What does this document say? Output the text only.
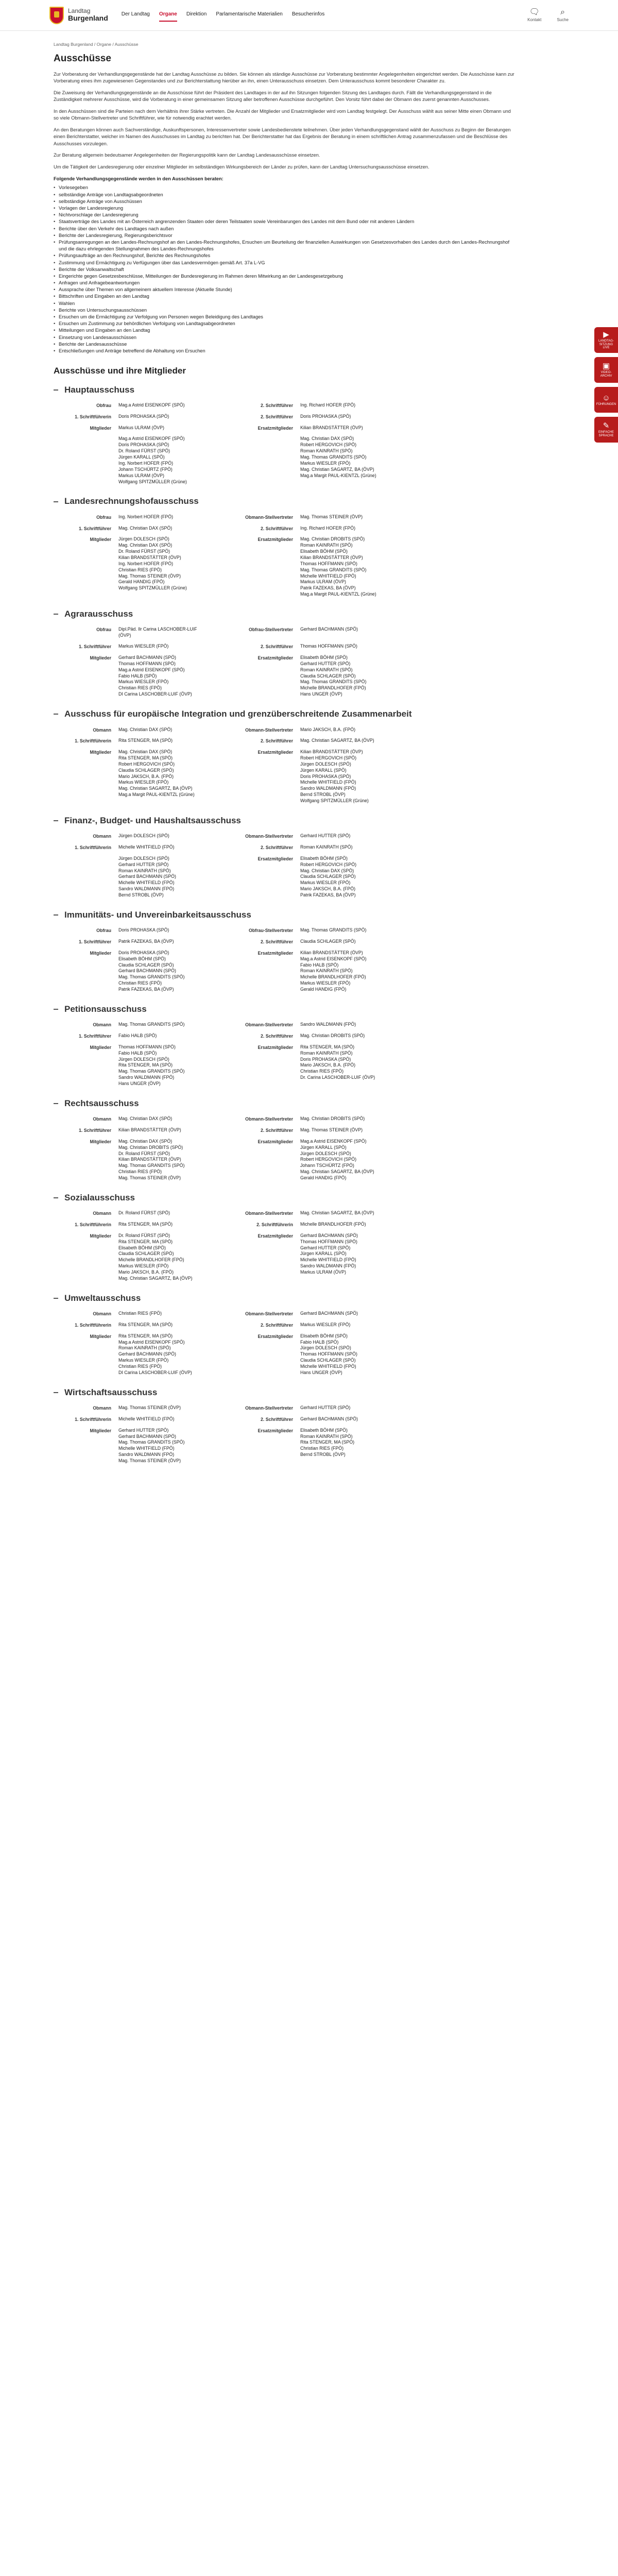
Landtag
Burgenland	Der Landtag Organe Direktion Parlamentarische Materialien Besucherinfos	🗨
Kontakt
⌕
Suche
▶
LANDTAG-SITZUNG LIVE
▣
VIDEO-ARCHIV
☺
FÜHRUNGEN
✎
EINFACHE SPRACHE
Landtag Burgenland / Organe / Ausschüsse
Ausschüsse

Zur Vorberatung der Verhandlungsgegenstände hat der Landtag Ausschüsse zu bilden. Sie können als ständige Ausschüsse zur Vorberatung bestimmter Angelegenheiten eingerichtet werden. Die Ausschüsse kann zur Vorberatung eines ihm zugewiesenen Gegenstandes und zur Berichterstattung hierüber an ihn, einen Unterausschuss einsetzen. Dem Unterausschuss kommt besonderer Charakter zu.

Die Zuweisung der Verhandlungsgegenstände an die Ausschüsse führt der Präsident des Landtages in der auf ihn Sitzungen folgenden Sitzung des Landtages durch. Fällt die Verhandlungsgegenstand in die Zuständigkeit mehrerer Ausschüsse, wird die Vorberatung in einer gemeinsamen Sitzung aller betroffenen Ausschüsse durchgeführt. Den Vorsitz führt dabei der Obmann des zuerst genannten Ausschusses.

In den Ausschüssen sind die Parteien nach dem Verhältnis ihrer Stärke vertreten. Die Anzahl der Mitglieder und Ersatzmitglieder wird vom Landtag festgelegt. Der Ausschuss wählt aus seiner Mitte einen Obmann und so viele Obmann-Stellvertreter und Schriftführer, wie für notwendig erachtet werden.

An den Beratungen können auch Sachverständige, Auskunftspersonen, Interessenvertreter sowie Landesbedienstete teilnehmen. Über jeden Verhandlungsgegenstand wählt der Ausschuss zu Beginn der Beratungen einen Berichterstatter, welcher im Namen des Ausschusses im Landtag zu berichten hat. Der Berichterstatter hat das Ergebnis der Beratung in einem schriftlichen Antrag zusammenzufassen und die Beschlüsse des Ausschusses vorzulegen.

Zur Beratung allgemein bedeutsamer Angelegenheiten der Regierungspolitik kann der Landtag Landesausschüsse einsetzen.

Um die Tätigkeit der Landesregierung oder einzelner Mitglieder im selbständigen Wirkungsbereich der Länder zu prüfen, kann der Landtag Untersuchungsausschüsse einsetzen.

Folgende Verhandlungsgegenstände werden in den Ausschüssen beraten:
• Vorlesegeben
• selbständige Anträge von Landtagsabgeordneten
• selbständige Anträge von Ausschüssen
• Vorlagen der Landesregierung
• Nichtvorschlage der Landesregierung
• Staatsverträge des Landes mit an Österreich angrenzenden Staaten oder deren Teilstaaten sowie Vereinbarungen des Landes mit dem Bund oder mit anderen Ländern
• Berichte über den Verkehr des Landtages nach außen
• Berichte der Landesregierung, Regierungsberichtsvor
• Prüfungsanregungen an den Landes-Rechnungshof an den Landes-Rechnungshofes, Ersuchen um Beurteilung der finanziellen Auswirkungen von Gesetzesvorhaben des Landes durch den Landes-Rechnungshof und die dazu ehrlegenden Stellungnahmen des Landes-Rechnungshofes
• Prüfungsaufträge an den Rechnungshof, Berichte des Rechnungshofes
• Zustimmung und Ermächtigung zu Verfügungen über das Landesvermögen gemäß Art. 37a L-VG
• Berichte der Volksanwaltschaft
• Eingerichte gegen Gesetzesbeschlüsse, Mitteilungen der Bundesregierung im Rahmen deren Mitwirkung an der Landesgesetzgebung
• Anfragen und Anfragebeantwortungen
• Aussprache über Themen von allgemeinem aktuellem Interesse (Aktuelle Stunde)
• Bittschriften und Eingaben an den Landtag
• Wahlen
• Berichte von Untersuchungsausschüssen
• Ersuchen um die Ermächtigung zur Verfolgung von Personen wegen Beleidigung des Landtages
• Ersuchen um Zustimmung zur behördlichen Verfolgung von Landtagsabgeordneten
• Mitteilungen und Eingaben an den Landtag
• Einsetzung von Landesausschüssen
• Berichte der Landesausschüsse
• Entschließungen und Anträge betreffend die Abhaltung von Ersuchen
Ausschüsse und ihre Mitglieder
Hauptausschuss
Obfrau Mag.a Astrid EISENKOPF (SPÖ)	2. Schriftführer Ing. Richard HOFER (FPÖ)
1. Schriftführerin Doris PROHASKA (SPÖ)	2. Schriftführer Doris PROHASKA (SPÖ)
Mitglieder Markus ULRAM (ÖVP)	Ersatzmitglieder Kilian BRANDSTÄTTER (ÖVP)
Mag.a Astrid EISENKOPF (SPÖ)
Doris PROHASKA (SPÖ)
Dr. Roland FÜRST (SPÖ)
Jürgen KARALL (SPÖ)
Ing. Norbert HOFER (FPÖ)
Johann TSCHÜRTZ (FPÖ)
Markus ULRAM (ÖVP)
Wolfgang SPITZMÜLLER (Grüne)
Mag. Christian DAX (SPÖ)
Robert HERGOVICH (SPÖ)
Roman KAINRATH (SPÖ)
Mag. Thomas GRANDITS (SPÖ)
Markus WIESLER (FPÖ)
Mag. Christian SAGARTZ, BA (ÖVP)
Mag.a Margit PAUL-KIENTZL (Grüne)
Landesrechnungshofausschuss
Obfrau Ing. Norbert HOFER (FPÖ)	Obmann-Stellvertreter Mag. Thomas STEINER (ÖVP)
1. Schriftführer Mag. Christian DAX (SPÖ)	2. Schriftführer Ing. Richard HOFER (FPÖ)
Mitglieder Jürgen DOLESCH (SPÖ)
Mag. Christian DAX (SPÖ)
Dr. Roland FÜRST (SPÖ)
Kilian BRANDSTÄTTER (ÖVP)
Ing. Norbert HOFER (FPÖ)
Christian RIES (FPÖ)
Mag. Thomas STEINER (ÖVP)
Gerald HANDIG (FPÖ)
Wolfgang SPITZMÜLLER (Grüne)
Ersatzmitglieder Mag. Christian DROBITS (SPÖ)
Roman KAINRATH (SPÖ)
Elisabeth BÖHM (SPÖ)
Kilian BRANDSTÄTTER (ÖVP)
Thomas HOFFMANN (SPÖ)
Mag. Thomas GRANDITS (SPÖ)
Michelle WHITFIELD (FPÖ)
Markus ULRAM (ÖVP)
Patrik FAZEKAS, BA (ÖVP)
Mag.a Margit PAUL-KIENTZL (Grüne)
Agrarausschuss
Obfrau Dipl.Päd. Ilr Carina LASCHOBER-LUIF (ÖVP)
Obfrau-Stellvertreter Gerhard BACHMANN (SPÖ)
1. Schriftführer Markus WIESLER (FPÖ)	2. Schriftführer Thomas HOFFMANN (SPÖ)
Mitglieder Gerhard BACHMANN (SPÖ)
Thomas HOFFMANN (SPÖ)
Mag.a Astrid EISENKOPF (SPÖ)
Fabio HALB (SPÖ)
Markus WIESLER (FPÖ)
Christian RIES (FPÖ)
DI Carina LASCHOBER-LUIF (ÖVP)
Ersatzmitglieder Elisabeth BÖHM (SPÖ)
Gerhard HUTTER (SPÖ)
Roman KAINRATH (SPÖ)
Claudia SCHLAGER (SPÖ)
Mag. Thomas GRANDITS (SPÖ)
Michelle BRANDLHOFER (FPÖ)
Hans UNGER (ÖVP)
Ausschuss für europäische Integration und grenzüberschreitende Zusammenarbeit
Obmann Mag. Christian DAX (SPÖ)	Obmann-Stellvertreter Mario JAKSCH, B.A. (FPÖ)
1. Schriftführerin Rita STENGER, MA (SPÖ)	2. Schriftführer Mag. Christian SAGARTZ, BA (ÖVP)
Mitglieder Mag. Christian DAX (SPÖ)
Rita STENGER, MA (SPÖ)
Robert HERGOVICH (SPÖ)
Claudia SCHLAGER (SPÖ)
Mario JAKSCH, B.A. (FPÖ)
Markus WIESLER (FPÖ)
Mag. Christian SAGARTZ, BA (ÖVP)
Mag.a Margit PAUL-KIENTZL (Grüne)
Ersatzmitglieder Kilian BRANDSTÄTTER (ÖVP)
Robert HERGOVICH (SPÖ)
Jürgen DOLESCH (SPÖ)
Jürgen KARALL (SPÖ)
Doris PROHASKA (SPÖ)
Michelle WHITFIELD (FPÖ)
Sandro WALDMANN (FPÖ)
Bernd STROBL (ÖVP)
Wolfgang SPITZMÜLLER (Grüne)
Finanz-, Budget- und Haushaltsausschuss
Obmann Jürgen DOLESCH (SPÖ)	Obmann-Stellvertreter Gerhard HUTTER (SPÖ)
1. Schriftführerin Michelle WHITFIELD (FPÖ)	2. Schriftführer Roman KAINRATH (SPÖ)
Jürgen DOLESCH (SPÖ)
Gerhard HUTTER (SPÖ)
Roman KAINRATH (SPÖ)
Gerhard BACHMANN (SPÖ)
Michelle WHITFIELD (FPÖ)
Sandro WALDMANN (FPÖ)
Bernd STROBL (ÖVP)
Ersatzmitglieder Elisabeth BÖHM (SPÖ)
Robert HERGOVICH (SPÖ)
Mag. Christian DAX (SPÖ)
Claudia SCHLAGER (SPÖ)
Markus WIESLER (FPÖ)
Mario JAKSCH, B.A. (FPÖ)
Patrik FAZEKAS, BA (ÖVP)
Immunitäts- und Unvereinbarkeitsausschuss
Obfrau Doris PROHASKA (SPÖ)	Obfrau-Stellvertreter Mag. Thomas GRANDITS (SPÖ)
1. Schriftführer Patrik FAZEKAS, BA (ÖVP)	2. Schriftführer Claudia SCHLAGER (SPÖ)
Mitglieder Doris PROHASKA (SPÖ)
Elisabeth BÖHM (SPÖ)
Claudia SCHLAGER (SPÖ)
Gerhard BACHMANN (SPÖ)
Mag. Thomas GRANDITS (SPÖ)
Christian RIES (FPÖ)
Patrik FAZEKAS, BA (ÖVP)
Ersatzmitglieder Kilian BRANDSTÄTTER (ÖVP)
Mag.a Astrid EISENKOPF (SPÖ)
Fabio HALB (SPÖ)
Roman KAINRATH (SPÖ)
Michelle BRANDLHOFER (FPÖ)
Markus WIESLER (FPÖ)
Gerald HANDIG (FPÖ)
Petitionsausschuss
Obmann Mag. Thomas GRANDITS (SPÖ)	Obmann-Stellvertreter Sandro WALDMANN (FPÖ)
1. Schriftführer Fabio HALB (SPÖ)	2. Schriftführer Mag. Christian DROBITS (SPÖ)
Mitglieder Thomas HOFFMANN (SPÖ)
Fabio HALB (SPÖ)
Jürgen DOLESCH (SPÖ)
Rita STENGER, MA (SPÖ)
Mag. Thomas GRANDITS (SPÖ)
Sandro WALDMANN (FPÖ)
Hans UNGER (ÖVP)
Ersatzmitglieder Rita STENGER, MA (SPÖ)
Roman KAINRATH (SPÖ)
Doris PROHASKA (SPÖ)
Mario JAKSCH, B.A. (FPÖ)
Christian RIES (FPÖ)
Dr. Carina LASCHOBER-LUIF (ÖVP)
Rechtsausschuss
Obmann Mag. Christian DAX (SPÖ)	Obmann-Stellvertreter Mag. Christian DROBITS (SPÖ)
1. Schriftführer Kilian BRANDSTÄTTER (ÖVP)	2. Schriftführer Mag. Thomas STEINER (ÖVP)
Mitglieder Mag. Christian DAX (SPÖ)
Mag. Christian DROBITS (SPÖ)
Dr. Roland FÜRST (SPÖ)
Kilian BRANDSTÄTTER (ÖVP)
Mag. Thomas GRANDITS (SPÖ)
Christian RIES (FPÖ)
Mag. Thomas STEINER (ÖVP)
Ersatzmitglieder Mag.a Astrid EISENKOPF (SPÖ)
Jürgen KARALL (SPÖ)
Jürgen DOLESCH (SPÖ)
Robert HERGOVICH (SPÖ)
Johann TSCHÜRTZ (FPÖ)
Mag. Christian SAGARTZ, BA (ÖVP)
Gerald HANDIG (FPÖ)
Sozialausschuss
Obmann Dr. Roland FÜRST (SPÖ)	Obmann-Stellvertreter Mag. Christian SAGARTZ, BA (ÖVP)
1. Schriftführerin Rita STENGER, MA (SPÖ)	2. Schriftführerin Michelle BRANDLHOFER (FPÖ)
Mitglieder Dr. Roland FÜRST (SPÖ)
Rita STENGER, MA (SPÖ)
Elisabeth BÖHM (SPÖ)
Claudia SCHLAGER (SPÖ)
Michelle BRANDLHOFER (FPÖ)
Markus WIESLER (FPÖ)
Mario JAKSCH, B.A. (FPÖ)
Mag. Christian SAGARTZ, BA (ÖVP)
Ersatzmitglieder Gerhard BACHMANN (SPÖ)
Thomas HOFFMANN (SPÖ)
Gerhard HUTTER (SPÖ)
Jürgen KARALL (SPÖ)
Michelle WHITFIELD (FPÖ)
Sandro WALDMANN (FPÖ)
Markus ULRAM (ÖVP)
Umweltausschuss
Obmann Christian RIES (FPÖ)	Obmann-Stellvertreter Gerhard BACHMANN (SPÖ)
1. Schriftführerin Rita STENGER, MA (SPÖ)	2. Schriftführer Markus WIESLER (FPÖ)
Mitglieder Rita STENGER, MA (SPÖ)
Mag.a Astrid EISENKOPF (SPÖ)
Roman KAINRATH (SPÖ)
Gerhard BACHMANN (SPÖ)
Markus WIESLER (FPÖ)
Christian RIES (FPÖ)
DI Carina LASCHOBER-LUIF (ÖVP)
Ersatzmitglieder Elisabeth BÖHM (SPÖ)
Fabio HALB (SPÖ)
Jürgen DOLESCH (SPÖ)
Thomas HOFFMANN (SPÖ)
Claudia SCHLAGER (SPÖ)
Michelle WHITFIELD (FPÖ)
Hans UNGER (ÖVP)
Wirtschaftsausschuss
Obmann Mag. Thomas STEINER (ÖVP)	Obmann-Stellvertreter Gerhard HUTTER (SPÖ)
1. Schriftführerin Michelle WHITFIELD (FPÖ)	2. Schriftführer Gerhard BACHMANN (SPÖ)
Mitglieder Gerhard HUTTER (SPÖ)
Gerhard BACHMANN (SPÖ)
Mag. Thomas GRANDITS (SPÖ)
Michelle WHITFIELD (FPÖ)
Sandro WALDMANN (FPÖ)
Mag. Thomas STEINER (ÖVP)
Ersatzmitglieder Elisabeth BÖHM (SPÖ)
Roman KAINRATH (SPÖ)
Rita STENGER, MA (SPÖ)
Christian RIES (FPÖ)
Bernd STROBL (ÖVP)
